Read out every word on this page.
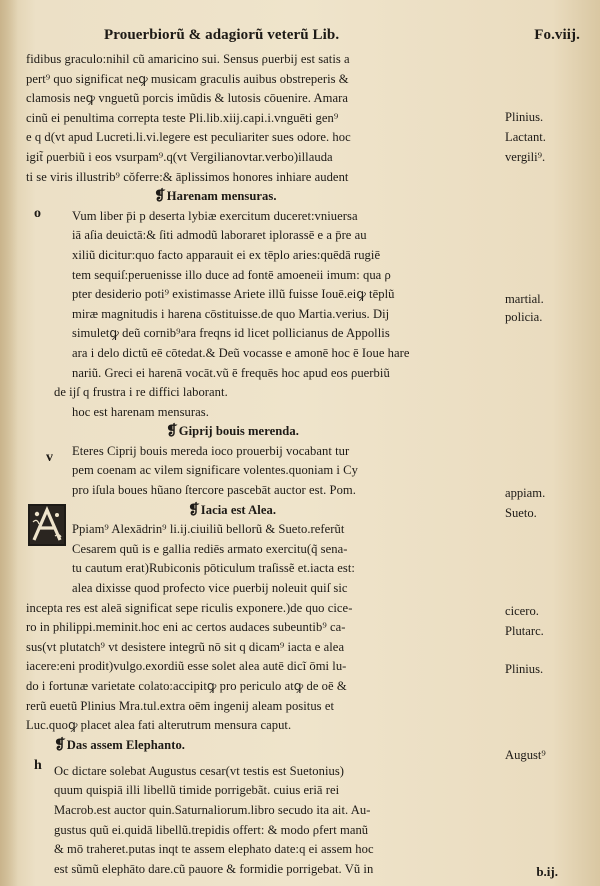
Prouerbiorũ & adagiorũ veterũ Lib.	Fo.viij.
fidibus graculo:nihil cũ amaricino sui. Sensus ρuerbij est satis a
pert⁹ quo significat neꝙ musicam graculis auibus obstreperis &
clamosis neꝙ vnguetũ porcis imũdis & lutosis cōuenire. Amara
cinũ ei penultima correpta teste Pli.lib.xiij.capi.i.vnguēti gen⁹
e q d(vt apud Lucreti.li.vi.legere est peculiariter sues odore. hoc
igit̃ ρuerbiũ i eos vsurpam⁹.q(vt Vergilianovtar.verbo)illauda
ti se viris illustrib⁹ cŏferre:& āplissimos honores inhiare audent
❡Harenam mensuras.
Vum liber p̄i p deserta lybiæ exercitum duceret:vniuersa
iā aſia deuictā:& ſiti admodũ laboraret iplorassē e a p̄re au
xiliũ dicitur:quo facto apparauit ei ex tēplo aries:quēdā rugiē
tem sequiſ:peruenisse illo duce ad fontē amoeneii imum: qua ρ
pter desiderio poti⁹ existimasse Ariete illũ fuisse Iouē.eiꝙ tēplũ
miræ magnitudis i harena cōstituisse.de quo Martia.verius. Dij
simuletꝙ deũ cornib⁹ara freqns id licet pollicianus de Appollis
ara i delo dictũ eē cōtedat.& Deũ vocasse e amonē hoc ē Ioue hare
nariũ. Greci ei harenā vocāt.vũ ē frequēs hoc apud eos ρuerbiũ
de ijſ q frustra i re diffici laborant.
hoc est harenam mensuras.
❡Giprij bouis merenda.
Eteres Ciprij bouis mereda ioco prouerbij vocabant tur
pem coenam ac vilem significare volentes.quoniam i Cy
pro iſula boues hũano ſtercore pascebāt auctor est. Pom.
❡Iacia est Alea.
Ppiam⁹ Alexādrin⁹ li.ij.ciuiliũ bellorũ & Sueto.referũt
Cesarem quũ is e gallia rediēs armato exercitu(q̃ sena-
tu cautum erat)Rubiconis pōticulum traſissẽ et.iacta est:
alea dixisse quod profecto vice ρuerbij noleuit quiſ sic
incepta res est aleā significat sepe riculis exponere.)de quo cice-
ro in philippi.meminit.hoc eni ac certos audaces subeuntib⁹ ca-
sus(vt plutatch⁹ vt desistere integrũ nō sit q dicam⁹ iacta e alea
iacere:eni prodit)vulgo.exordiũ esse solet alea autē dicĩ ōmi lu-
do i fortunæ varietate colato:accipitꝙ pro periculo atꝙ de oē &
rerũ euetũ Plinius Mra.tul.extra oēm ingenij aleam positus et
Luc.quoꝙ placet alea fati alterutrum mensura caput.
❡Das assem Elephanto.
Oc dictare solebat Augustus cesar(vt testis est Suetonius)
quum quispiā illi libellũ timide porrigebãt. cuius eriā rei
Macrob.est auctor quin.Saturnaliorum.libro secudo ita ait. Au-
gustus quũ ei.quidā libellũ.trepidis offert: & modo ρfert manũ
& mō traheret.putas inqt te assem elephato date:q ei assem hoc
est sũmũ elephāto dare.cũ pauore & formidie porrigebat. Vũ in
o
v
h
Plinius.
Lactant.
vergili⁹.
martial.
policia.
appiam.
Sueto.
cicero.
Plutarc.
Plinius.
August⁹
b.ij.
